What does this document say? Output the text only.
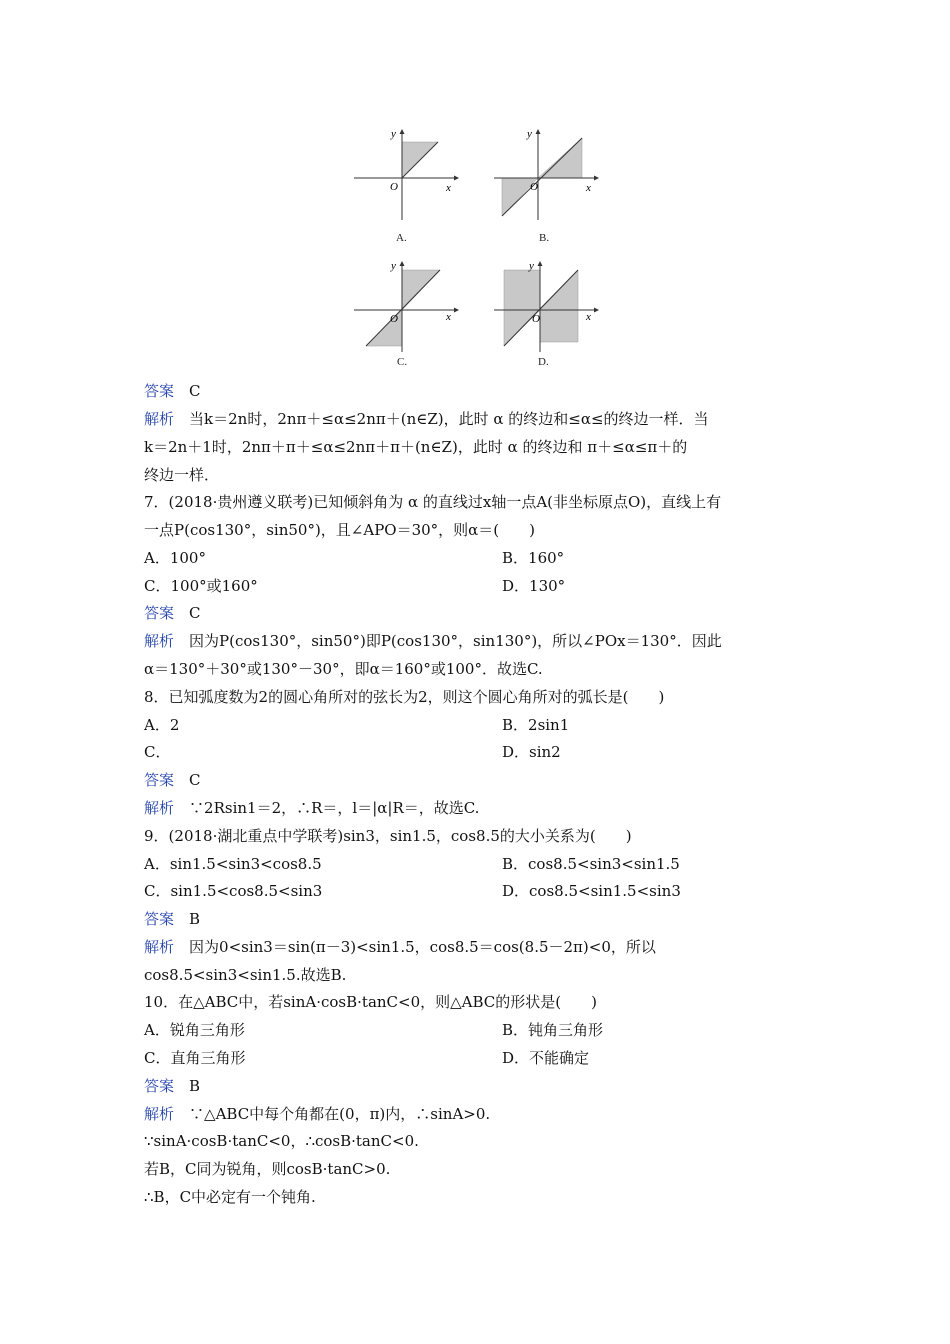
y
x
O
A.
y
x
O
B.
y
x
O
C.
y
x
O
D.
答案　 C
解析　 当k＝2n时，2nπ＋≤α≤2nπ＋(n∈Z)，此时 α 的终边和≤α≤的终边一样．当
k＝2n＋1时，2nπ＋π＋≤α≤2nπ＋π＋(n∈Z)，此时 α 的终边和 π＋≤α≤π＋的
终边一样．
7．(2018·贵州遵义联考)已知倾斜角为 α 的直线过x轴一点A(非坐标原点O)，直线上有
一点P(cos130°，sin50°)，且∠APO＝30°，则α＝(　　)
A．100°	B．160°
C．100°或160°	D．130°
答案　 C
解析　 因为P(cos130°，sin50°)即P(cos130°，sin130°)，所以∠POx＝130°．因此
α＝130°＋30°或130°－30°，即α＝160°或100°．故选C.
8．已知弧度数为2的圆心角所对的弦长为2，则这个圆心角所对的弧长是(　　)
A．2	B．2sin1
C．	D．sin2
答案　 C
解析　 ∵2Rsin1＝2，∴R＝，l＝|α|R＝，故选C.
9．(2018·湖北重点中学联考)sin3，sin1.5，cos8.5的大小关系为(　　)
A．sin1.5<sin3<cos8.5	B．cos8.5<sin3<sin1.5
C．sin1.5<cos8.5<sin3	D．cos8.5<sin1.5<sin3
答案　 B
解析　 因为0<sin3＝sin(π－3)<sin1.5，cos8.5＝cos(8.5－2π)<0，所以
cos8.5<sin3<sin1.5.故选B.
10．在△ABC中，若sinA·cosB·tanC<0，则△ABC的形状是(　　)
A．锐角三角形	B．钝角三角形
C．直角三角形	D．不能确定
答案　 B
解析　 ∵△ABC中每个角都在(0，π)内，∴sinA>0.
∵sinA·cosB·tanC<0，∴cosB·tanC<0.
若B，C同为锐角，则cosB·tanC>0.
∴B，C中必定有一个钝角.
